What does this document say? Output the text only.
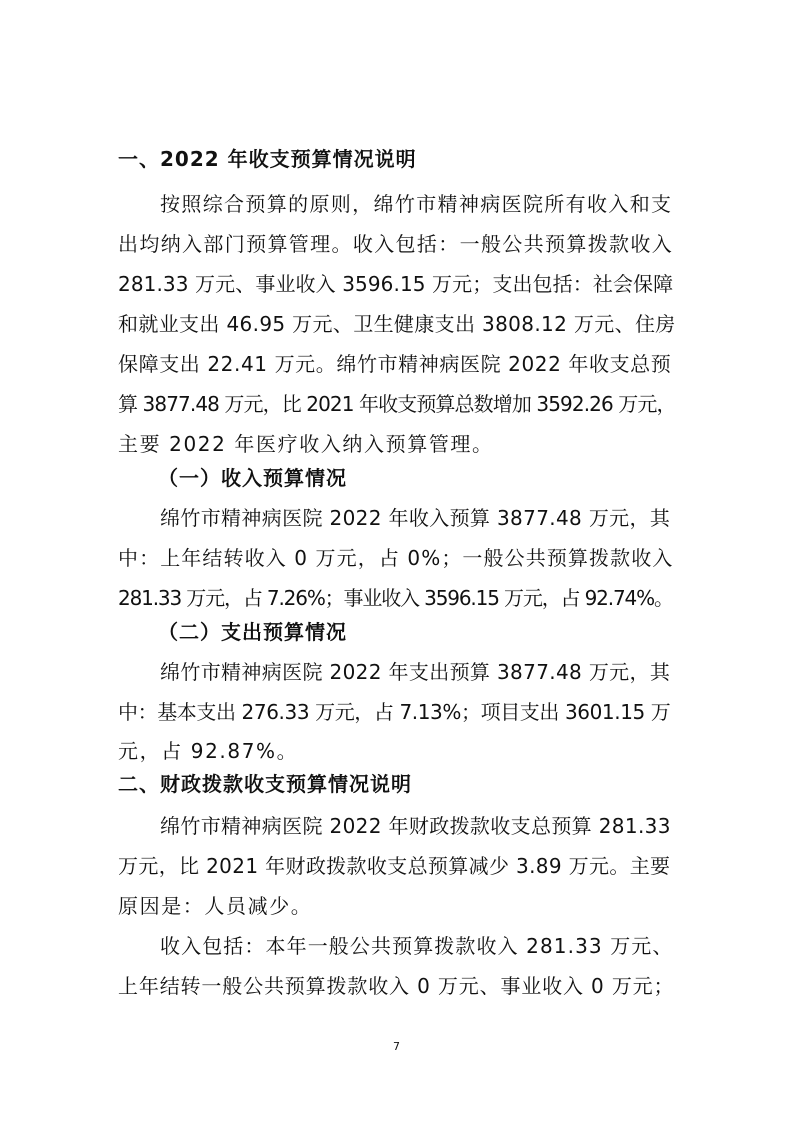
一、2022 年收支预算情况说明
按照综合预算的原则，绵竹市精神病医院所有收入和支
出均纳入部门预算管理。收入包括：一般公共预算拨款收入
281.33 万元、事业收入 3596.15 万元；支出包括：社会保障
和就业支出 46.95 万元、卫生健康支出 3808.12 万元、住房
保障支出 22.41 万元。绵竹市精神病医院 2022 年收支总预
算 3877.48 万元，比 2021 年收支预算总数增加 3592.26 万元，
主要 2022 年医疗收入纳入预算管理。
（一）收入预算情况
绵竹市精神病医院 2022 年收入预算 3877.48 万元，其
中：上年结转收入 0 万元，占 0%；一般公共预算拨款收入
281.33 万元，占 7.26%；事业收入 3596.15 万元，占 92.74%。
（二）支出预算情况
绵竹市精神病医院 2022 年支出预算 3877.48 万元，其
中：基本支出 276.33 万元，占 7.13%；项目支出 3601.15 万
元，占 92.87%。
二、财政拨款收支预算情况说明
绵竹市精神病医院 2022 年财政拨款收支总预算 281.33
万元，比 2021 年财政拨款收支总预算减少 3.89 万元。主要
原因是：人员减少。
收入包括：本年一般公共预算拨款收入 281.33 万元、
上年结转一般公共预算拨款收入 0 万元、事业收入 0 万元；
7
